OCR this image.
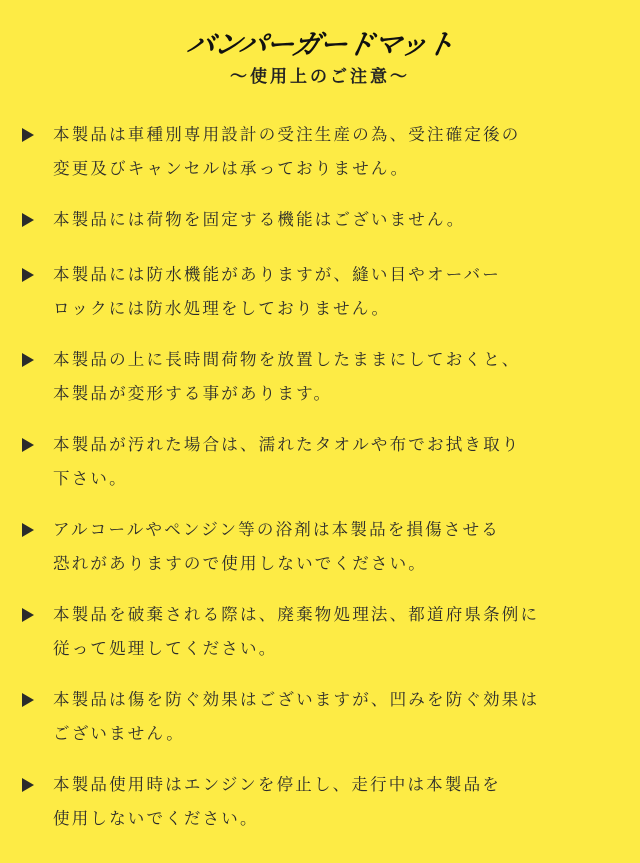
バンパーガードマット
〜使用上のご注意〜
本製品は車種別専用設計の受注生産の為、受注確定後の
変更及びキャンセルは承っておりません。
本製品には荷物を固定する機能はございません。
本製品には防水機能がありますが、縫い目やオーバー
ロックには防水処理をしておりません。
本製品の上に長時間荷物を放置したままにしておくと、
本製品が変形する事があります。
本製品が汚れた場合は、濡れたタオルや布でお拭き取り
下さい。
アルコールやペンジン等の浴剤は本製品を損傷させる
恐れがありますので使用しないでください。
本製品を破棄される際は、廃棄物処理法、都道府県条例に
従って処理してください。
本製品は傷を防ぐ効果はございますが、凹みを防ぐ効果は
ございません。
本製品使用時はエンジンを停止し、走行中は本製品を
使用しないでください。
